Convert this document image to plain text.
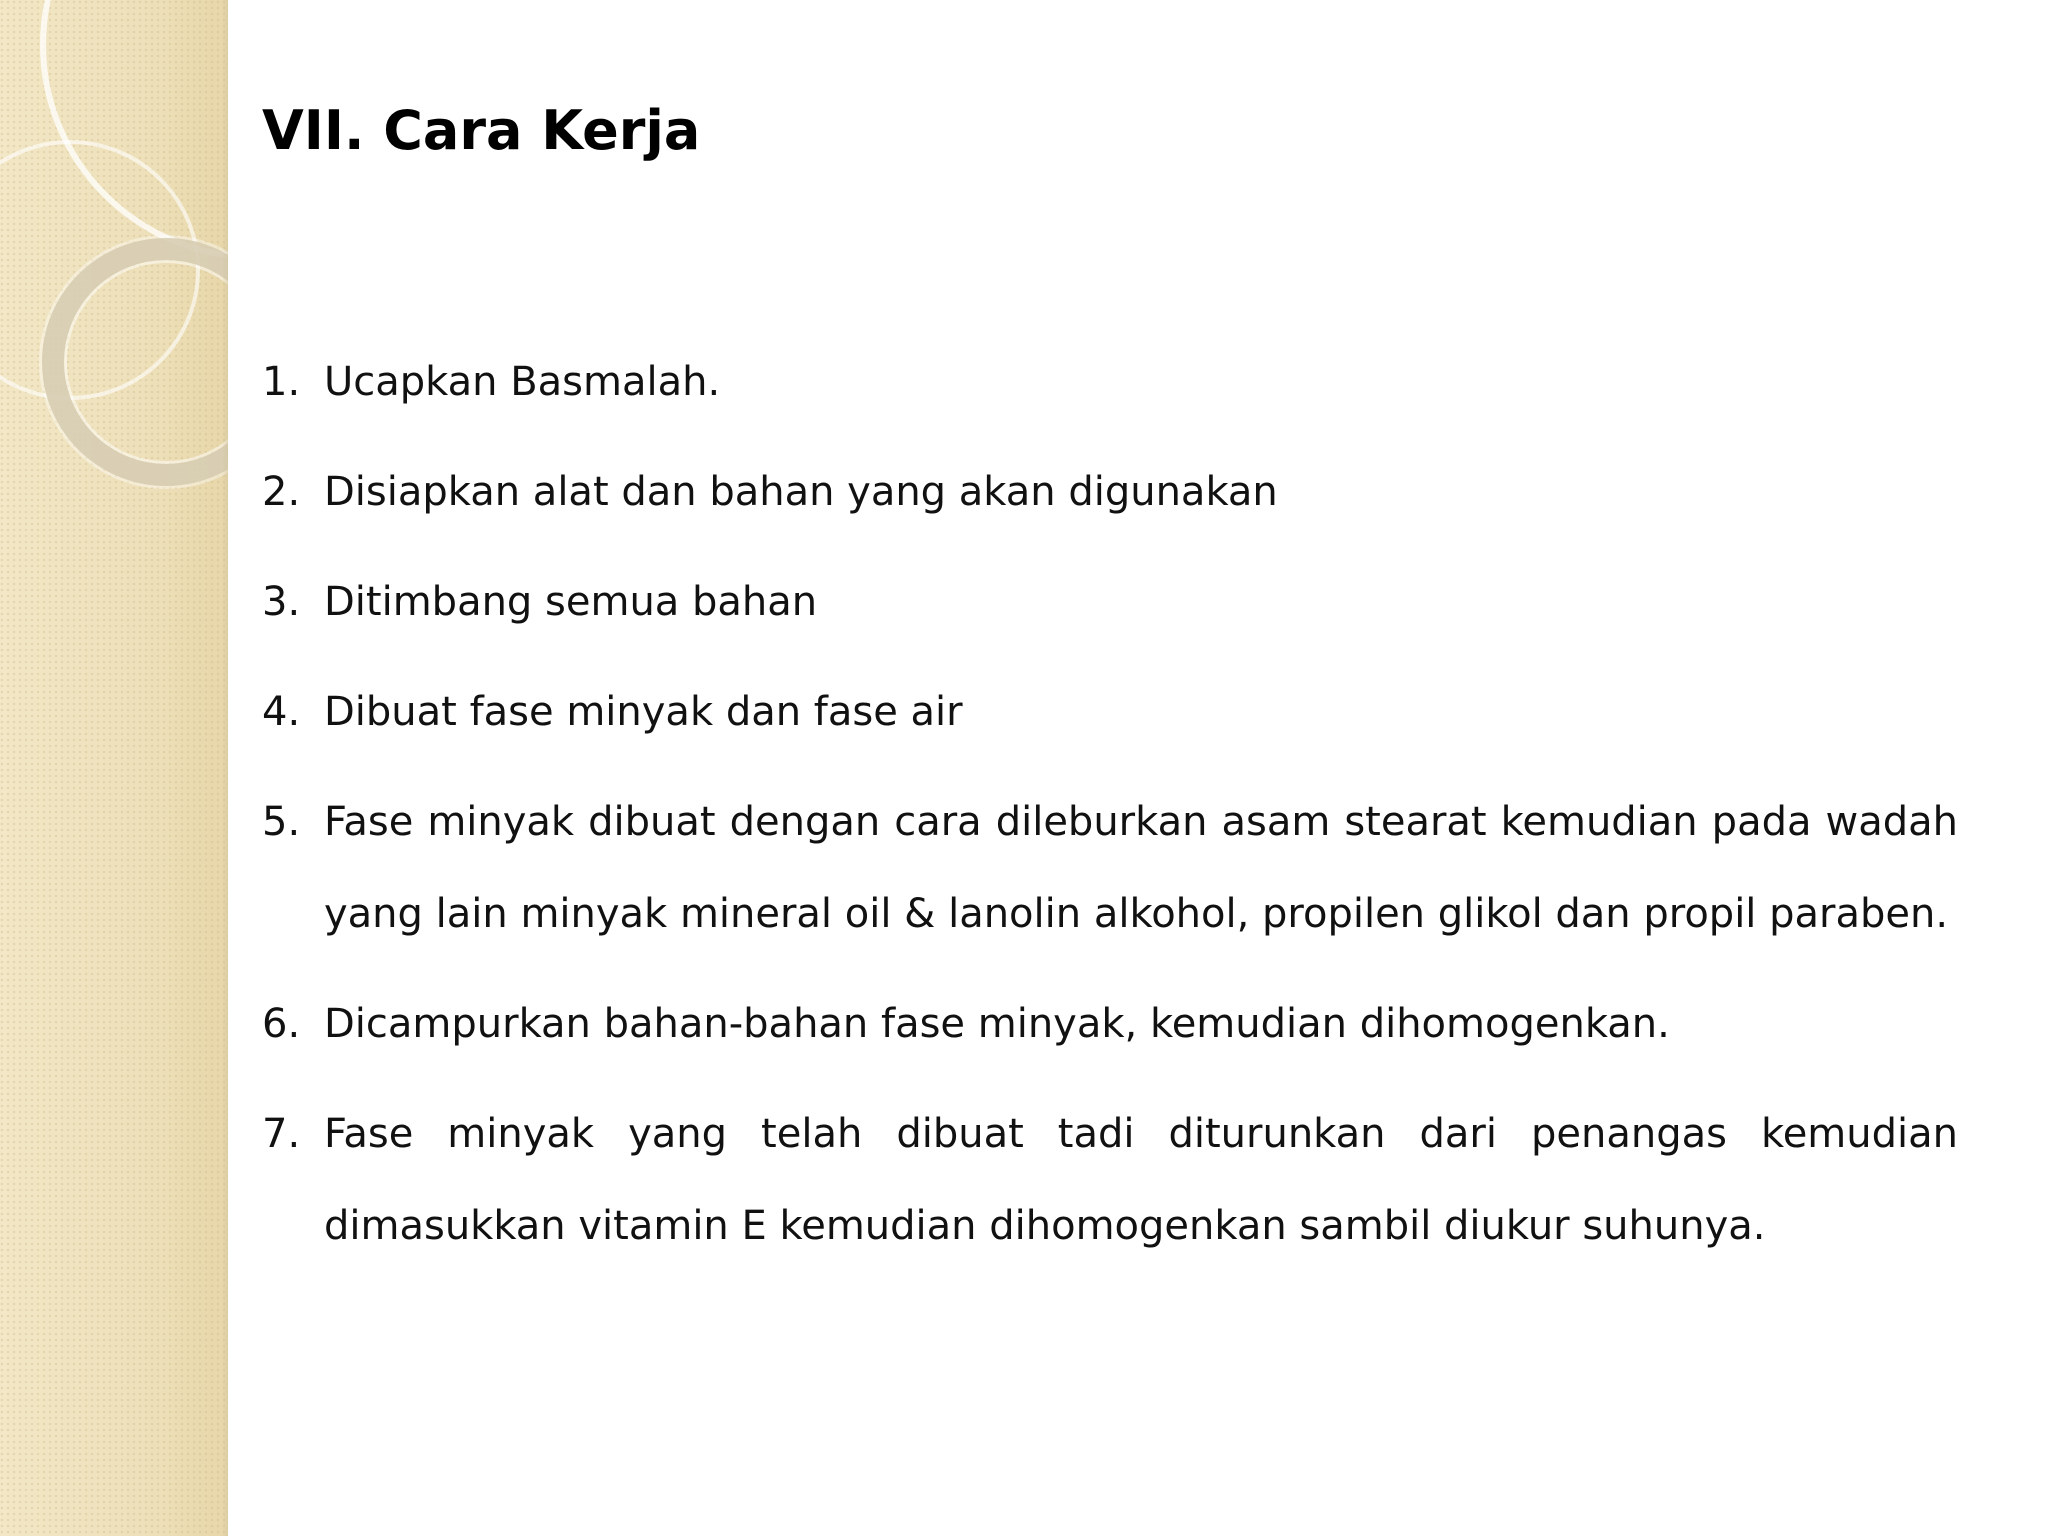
VII. Cara Kerja
1. Ucapkan Basmalah.
2. Disiapkan alat dan bahan yang akan digunakan
3. Ditimbang semua bahan
4. Dibuat fase minyak dan fase air
5. Fase minyak dibuat dengan cara dileburkan asam stearat kemudian pada wadah yang lain minyak mineral oil & lanolin alkohol, propilen glikol dan propil paraben.
6. Dicampurkan bahan-bahan fase minyak, kemudian dihomogenkan.
7. Fase minyak yang telah dibuat tadi diturunkan dari penangas kemudian dimasukkan vitamin E kemudian dihomogenkan sambil diukur suhunya.
